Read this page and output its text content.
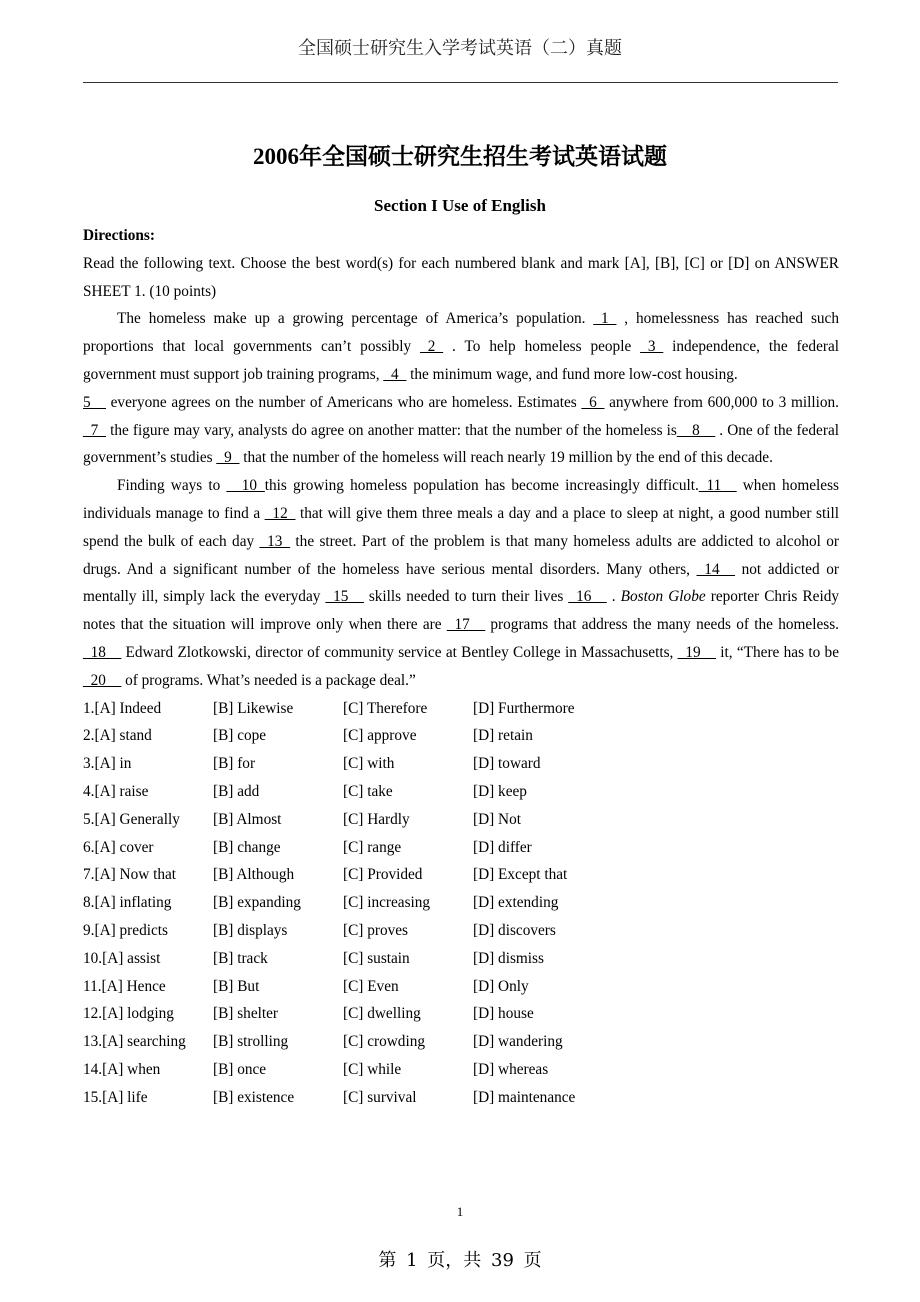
全国硕士研究生入学考试英语（二）真题
2006年全国硕士研究生招生考试英语试题
Section I Use of English
Directions:

Read the following text. Choose the best word(s) for each numbered blank and mark [A], [B], [C] or [D] on ANSWER SHEET 1. (10 points)

The homeless make up a growing percentage of America’s population. _1_ , homelessness has reached such proportions that local governments can’t possibly _2_ . To help homeless people _3_ independence, the federal government must support job training programs, _4_ the minimum wage, and fund more low-cost housing.

5__ everyone agrees on the number of Americans who are homeless. Estimates _6_ anywhere from 600,000 to 3 million. _7_ the figure may vary, analysts do agree on another matter: that the number of the homeless is__8__ . One of the federal government’s studies _9_ that the number of the homeless will reach nearly 19 million by the end of this decade.

Finding ways to __10_this growing homeless population has become increasingly difficult._11__ when homeless individuals manage to find a _12_ that will give them three meals a day and a place to sleep at night, a good number still spend the bulk of each day _13_ the street. Part of the problem is that many homeless adults are addicted to alcohol or drugs. And a significant number of the homeless have serious mental disorders. Many others, _14__ not addicted or mentally ill, simply lack the everyday _15__ skills needed to turn their lives _16__ . Boston Globe reporter Chris Reidy notes that the situation will improve only when there are _17__ programs that address the many needs of the homeless. _18__ Edward Zlotkowski, director of community service at Bentley College in Massachusetts, _19__ it, “There has to be _20__ of programs. What’s needed is a package deal.”

1.[A] Indeed	[B] Likewise	[C] Therefore	[D] Furthermore
2.[A] stand	[B] cope	[C] approve	[D] retain
3.[A] in	[B] for	[C] with	[D] toward
4.[A] raise	[B] add	[C] take	[D] keep
5.[A] Generally	[B] Almost	[C] Hardly	[D] Not
6.[A] cover	[B] change	[C] range	[D] differ
7.[A] Now that	[B] Although	[C] Provided	[D] Except that
8.[A] inflating	[B] expanding	[C] increasing	[D] extending
9.[A] predicts	[B] displays	[C] proves	[D] discovers
10.[A] assist	[B] track	[C] sustain	[D] dismiss
11.[A] Hence	[B] But	[C] Even	[D] Only
12.[A] lodging	[B] shelter	[C] dwelling	[D] house
13.[A] searching	[B] strolling	[C] crowding	[D] wandering
14.[A] when	[B] once	[C] while	[D] whereas
15.[A] life	[B] existence	[C] survival	[D] maintenance
1
第 1 页，共 39 页
